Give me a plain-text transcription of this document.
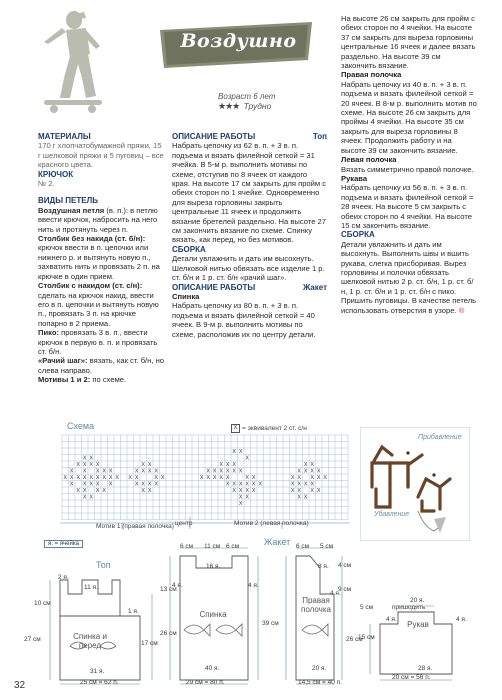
Воздушно
Возраст 6 лет
★★★ Трудно

МАТЕРИАЛЫ

170 г хлопчатобумажной пряжи, 15 г шелковой пряжи и 5 пуговиц – все красного цвета.

КРЮЧОК

№ 2.

ВИДЫ ПЕТЕЛЬ

Воздушная петля (в. п.): в петлю ввести крючок, набросить на него нить и протянуть через п.

Столбик без накида (ст. б/н): крючок ввести в п. цепочки или нижнего р. и вытянуть новую п., захватить нить и провязать 2 п. на крючке в один прием.

Столбик с накидом (ст. с/н): сделать на крючок накид, ввести его в п. цепочки и вытянуть новую п., провязать 3 п. на крючке попарно в 2 приема.

Пико: провязать 3 в. п., ввести крючок в первую в. п. и провязать ст. б/н.

«Рачий шаг»: вязать, как ст. б/н, но слева направо.

Мотивы 1 и 2: по схеме.

ОПИСАНИЕ РАБОТЫ	Топ

Набрать цепочку из 62 в. п. + 3 в. п. подъема и вязать филейной сеткой = 31 ячейка. В 5-м р. выполнить мотивы по схеме, отступив по 8 ячеек от каждого края. На высоте 17 см закрыть для пройм с обеих сторон по 1 ячейке. Одновременно для выреза горловины закрыть центральные 11 ячеек и продолжить вязание бретелей раздельно. На высоте 27 см закончить вязание по схеме. Спинку вязать, как перед, но без мотивов.

СБОРКА

Детали увлажнить и дать им высохнуть. Шелковой нитью обвязать все изделие 1 р. ст. б/н и 1 р. ст. б/н «рачий шаг».

ОПИСАНИЕ РАБОТЫ	Жакет

Спинка

Набрать цепочку из 80 в. п. + 3 в. п. подъема и вязать филейной сеткой = 40 ячеек. В 9-м р. выполнить мотивы по схеме, расположив их по центру детали.

На высоте 26 см закрыть для пройм с обеих сторон по 4 ячейки. На высоте 37 см закрыть для выреза горловины центральные 16 ячеек и далее вязать раздельно. На высоте 39 см закончить вязание.

Правая полочка

Набрать цепочку из 40 в. п. + 3 в. п. подъема и вязать филейной сеткой = 20 ячеек. В 8-м р. выполнить мотив по схеме. На высоте 26 см закрыть для проймы 4 ячейки. На высоте 35 см закрыть для выреза горловины 8 ячеек. Продолжить работу и на высоте 39 см закончить вязание.

Левая полочка

Вязать симметрично правой полочке.

Рукава

Набрать цепочку из 56 в. п. + 3 в. п. подъема и вязать филейной сеткой = 28 ячеек. На высоте 5 см закрыть с обеих сторон по 4 ячейки. На высоте 15 см закончить вязание.

СБОРКА

Детали увлажнить и дать им высохнуть. Выполнить швы и вшить рукава, слегка присборивая. Вырез горловины и полочки обвязать шелковой нитью 2 р. ст. б/н, 1 р. ст. б/н, 1 р. ст. б/н и 1 р. ст. б/н с пико. Пришить пуговицы. В качестве петель использовать отверстия в узоре. ®

X X
X X	X
X X X X	X X	X X X	X X
X X X X X	X X X X	X X X X X X	X X X X
X X X X X X X X X X X	X X	X X X X X	X X	X X X X X
X X X X X	X X X X	X X X X X X	X X X X
X X X X	X X	X X X X	X X X X
X X	X X	X X
X
Схема	X = эквивалент 2 ст. с/н
Мотив 1 (правая полочка) центр	Мотив 2 (левая полочка)
Прибавление
Убавление
я. = ячейка
Топ
Жакет
Спинка и перед
Спинка
Правая полочка
Рукав
пришодить
2 я.
11 я.
10 см
27 см
17 см
1 я.
31 я.
25 см = 62 п.
6 см 11 см 6 см
16 я.
13 см
26 см
39 см
4 я.	4 я.
40 я.
29 см = 80 п.
6 см 5 см
8 я.
4 я.
4 см
9 см
26 см
20 я.
14,5 см = 40 п.
20 я.
5 см
4 я.	4 я.
15 см
28 я.
20 см = 56 п.
32
